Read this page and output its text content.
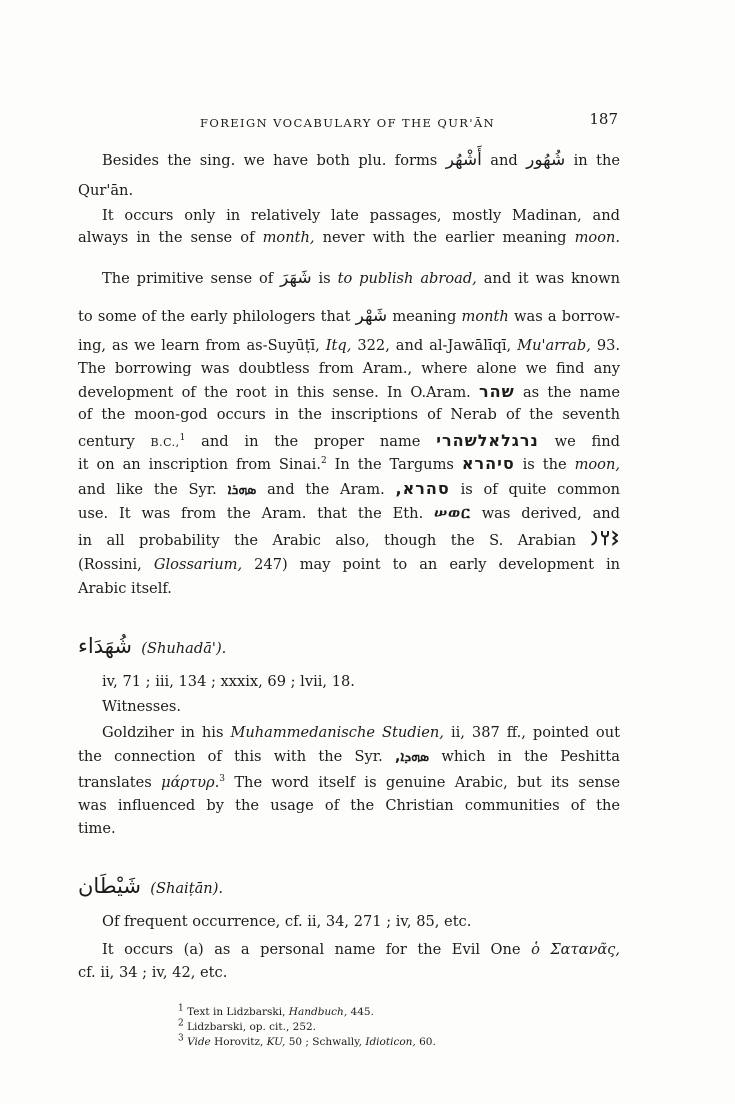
FOREIGN VOCABULARY OF THE QUR'ĀN	187
Besides the sing. we have both plu. forms أَشْهُر and شُهُور in the
Qur'ān.
It occurs only in relatively late passages, mostly Madinan, and
always in the sense of month, never with the earlier meaning moon.
The primitive sense of شَهَرَ is to publish abroad, and it was known
to some of the early philologers that شَهْر meaning month was a borrow-
ing, as we learn from as-Suyūṭī, Itq, 322, and al-Jawālīqī, Mu'arrab, 93.
The borrowing was doubtless from Aram., where alone we find any
development of the root in this sense. In O.Aram. שהר as the name
of the moon-god occurs in the inscriptions of Nerab of the seventh
century B.C.,$^1$ and in the proper name נרגלאלשהרי we find
it on an inscription from Sinai.$^2$ In the Targums סיהרא is the moon,
and like the Syr. ܣܗܪܐ and the Aram. סהרא, is of quite common
use. It was from the Aram. that the Eth. ሠወር was derived, and
in all probability the Arabic also, though the S. Arabian 𐩦𐩠𐩧
(Rossini, Glossarium, 247) may point to an early development in
Arabic itself.
شُهَدَاء (Shuhadā').
iv, 71 ; iii, 134 ; xxxix, 69 ; lvii, 18.
Witnesses.
Goldziher in his Muhammedanische Studien, ii, 387 ff., pointed out
the connection of this with the Syr. ܣܗܕܐ, which in the Peshitta
translates μάρτυρ.$^3$ The word itself is genuine Arabic, but its sense
was influenced by the usage of the Christian communities of the
time.
شَيْطَان (Shaiṭān).
Of frequent occurrence, cf. ii, 34, 271 ; iv, 85, etc.
It occurs (a) as a personal name for the Evil One ὁ Σατανᾶς,
cf. ii, 34 ; iv, 42, etc.
$^1$ Text in Lidzbarski, Handbuch, 445.
$^2$ Lidzbarski, op. cit., 252.
$^3$ Vide Horovitz, KU, 50 ; Schwally, Idioticon, 60.
